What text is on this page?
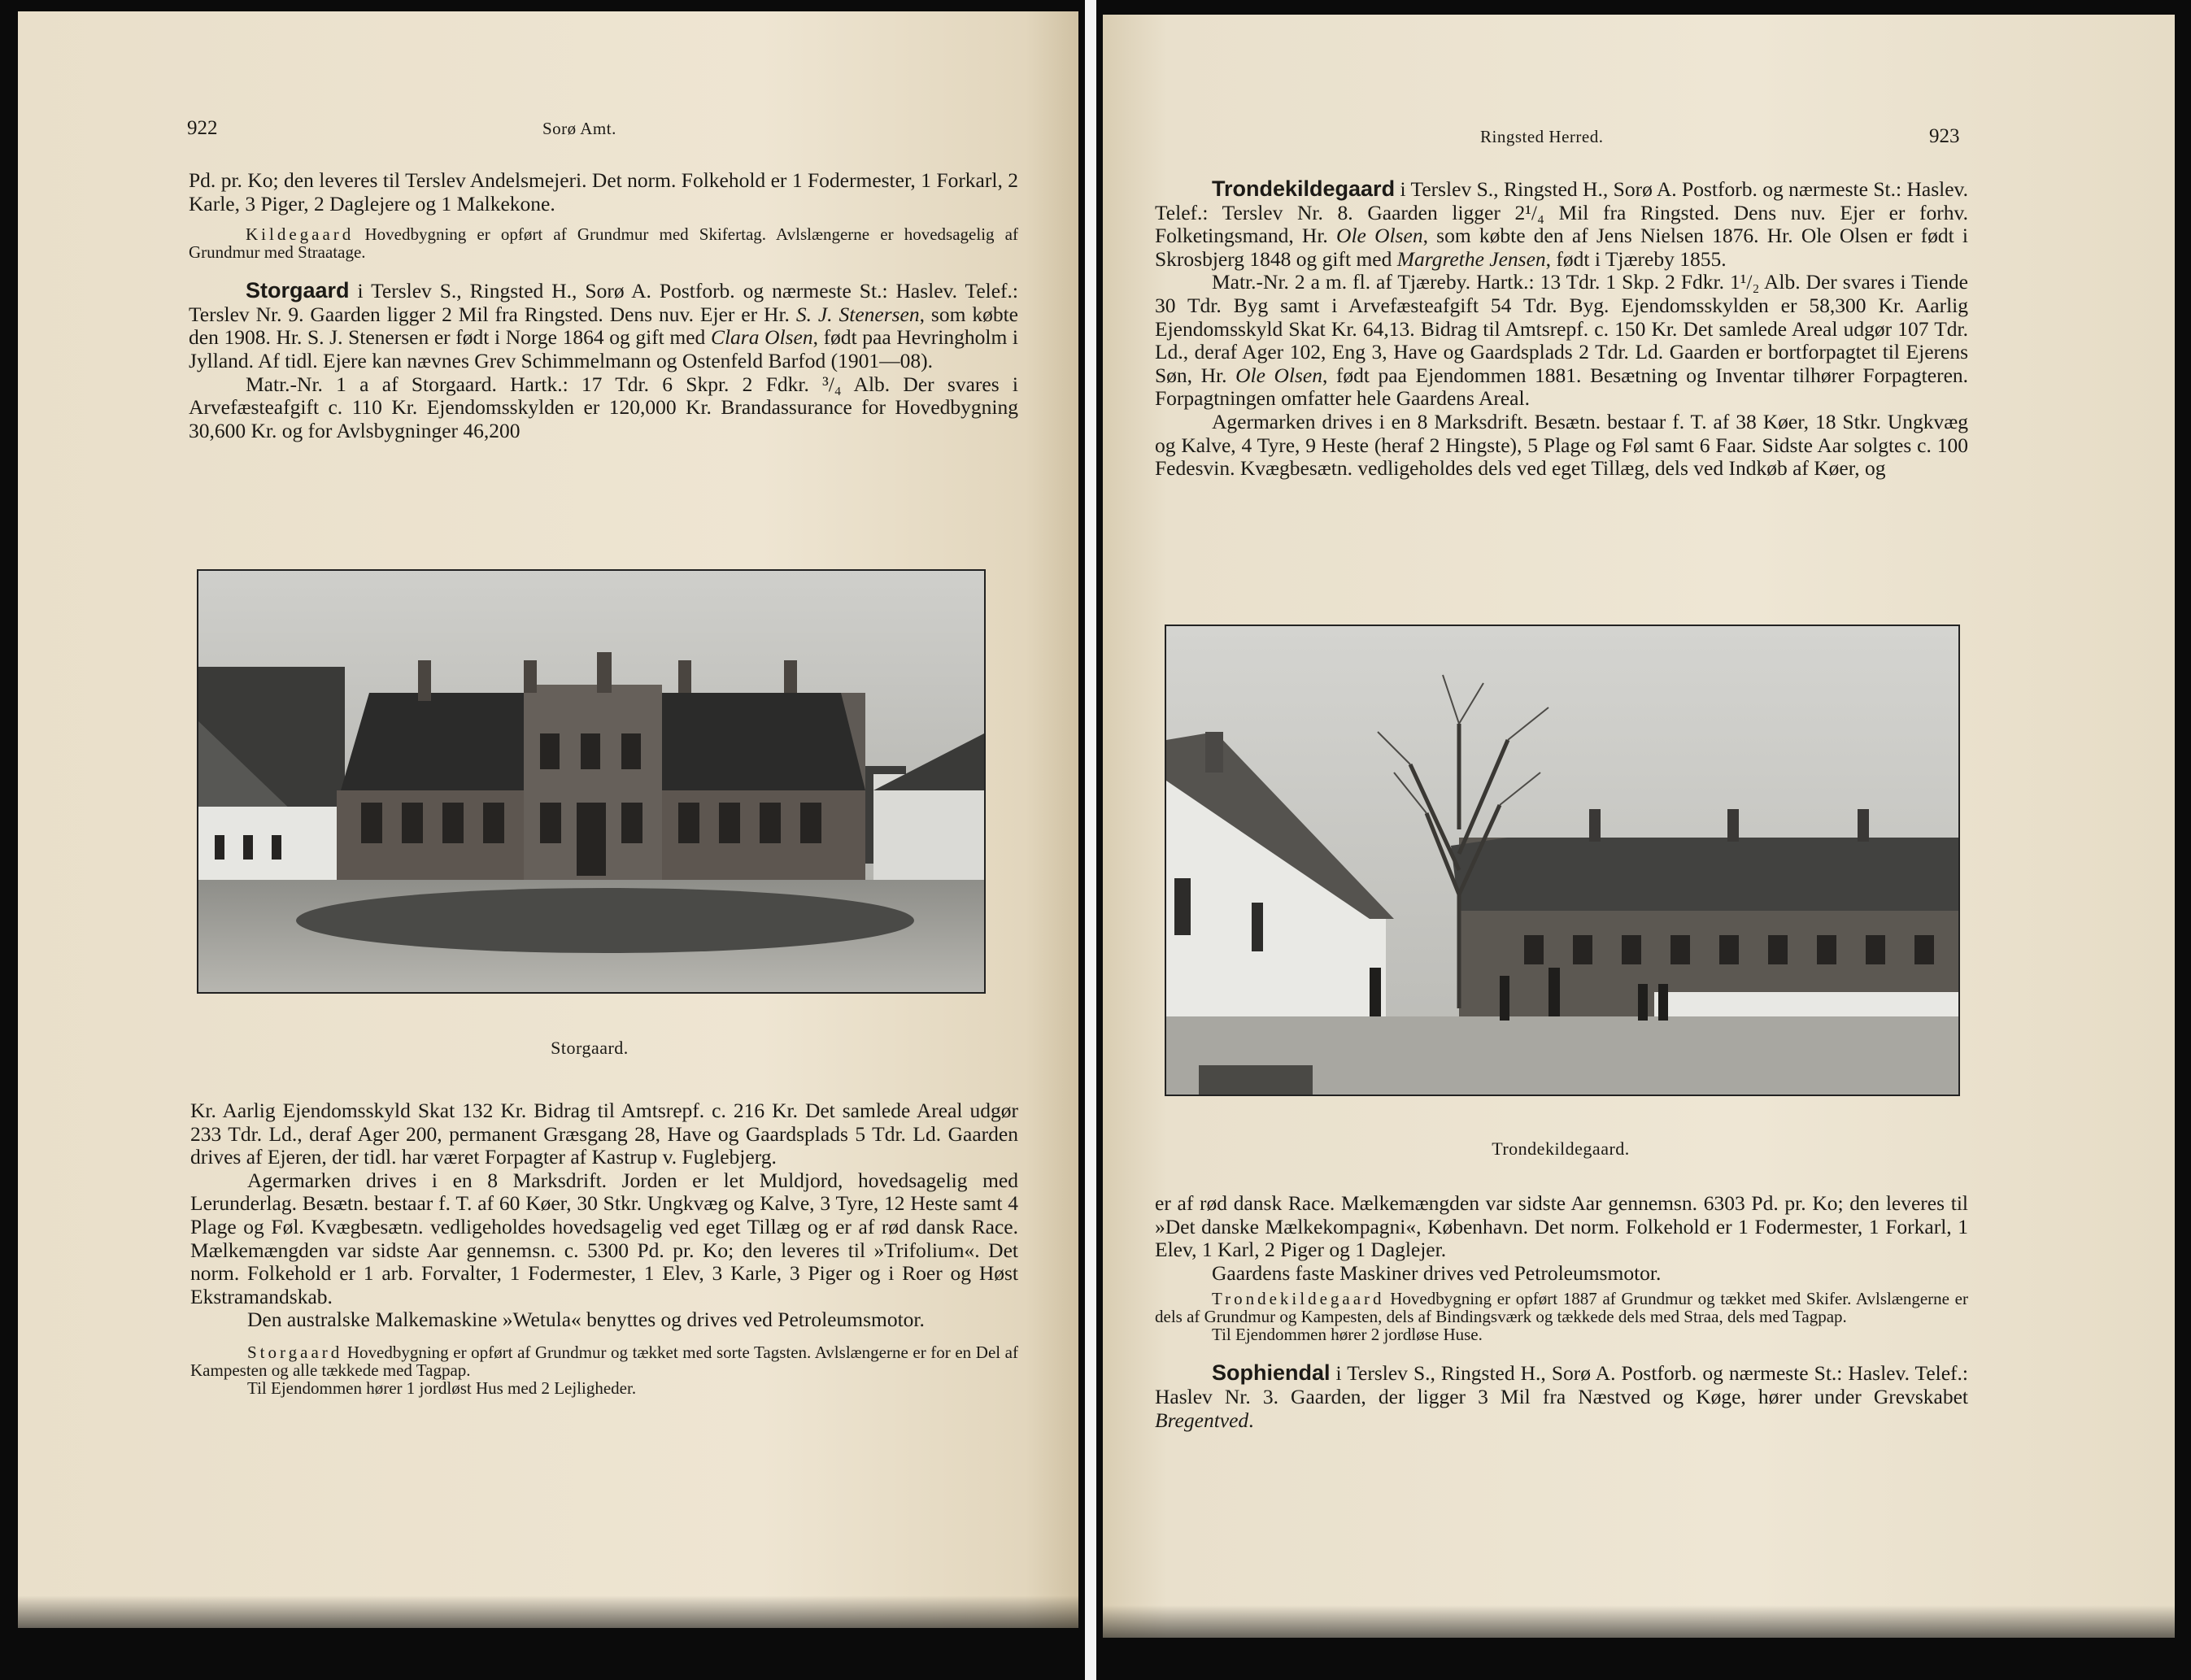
922	Sorø Amt.

Pd. pr. Ko; den leveres til Terslev Andelsmejeri. Det norm. Folkehold er 1 Fodermester, 1 Forkarl, 2 Karle, 3 Piger, 2 Daglejere og 1 Malkekone.

Kildegaard Hovedbygning er opført af Grundmur med Skifertag. Avlslængerne er hovedsagelig af Grundmur med Straatage.

Storgaard i Terslev S., Ringsted H., Sorø A. Postforb. og nærmeste St.: Haslev. Telef.: Terslev Nr. 9. Gaarden ligger 2 Mil fra Ringsted. Dens nuv. Ejer er Hr. S. J. Stenersen, som købte den 1908. Hr. S. J. Stenersen er født i Norge 1864 og gift med Clara Olsen, født paa Hevringholm i Jylland. Af tidl. Ejere kan nævnes Grev Schimmelmann og Ostenfeld Barfod (1901—08).

Matr.-Nr. 1 a af Storgaard. Hartk.: 17 Tdr. 6 Skpr. 2 Fdkr. ³/₄ Alb. Der svares i Arvefæsteafgift c. 110 Kr. Ejendomsskylden er 120,000 Kr. Brandassurance for Hovedbygning 30,600 Kr. og for Avlsbygninger 46,200

Storgaard.

Kr. Aarlig Ejendomsskyld Skat 132 Kr. Bidrag til Amtsrepf. c. 216 Kr. Det samlede Areal udgør 233 Tdr. Ld., deraf Ager 200, permanent Græsgang 28, Have og Gaardsplads 5 Tdr. Ld. Gaarden drives af Ejeren, der tidl. har været Forpagter af Kastrup v. Fuglebjerg.

Agermarken drives i en 8 Marksdrift. Jorden er let Muldjord, hovedsagelig med Lerunderlag. Besætn. bestaar f. T. af 60 Køer, 30 Stkr. Ungkvæg og Kalve, 3 Tyre, 12 Heste samt 4 Plage og Føl. Kvægbesætn. vedligeholdes hovedsagelig ved eget Tillæg og er af rød dansk Race. Mælkemængden var sidste Aar gennemsn. c. 5300 Pd. pr. Ko; den leveres til »Trifolium«. Det norm. Folkehold er 1 arb. Forvalter, 1 Fodermester, 1 Elev, 3 Karle, 3 Piger og i Roer og Høst Ekstramandskab.

Den australske Malkemaskine »Wetula« benyttes og drives ved Petroleumsmotor.

Storgaard Hovedbygning er opført af Grundmur og tækket med sorte Tagsten. Avlslængerne er for en Del af Kampesten og alle tækkede med Tagpap.

Til Ejendommen hører 1 jordløst Hus med 2 Lejligheder.

Ringsted Herred.	923

Trondekildegaard i Terslev S., Ringsted H., Sorø A. Postforb. og nærmeste St.: Haslev. Telef.: Terslev Nr. 8. Gaarden ligger 2¹/₄ Mil fra Ringsted. Dens nuv. Ejer er forhv. Folketingsmand, Hr. Ole Olsen, som købte den af Jens Nielsen 1876. Hr. Ole Olsen er født i Skrosbjerg 1848 og gift med Margrethe Jensen, født i Tjæreby 1855.

Matr.-Nr. 2 a m. fl. af Tjæreby. Hartk.: 13 Tdr. 1 Skp. 2 Fdkr. 1¹/₂ Alb. Der svares i Tiende 30 Tdr. Byg samt i Arvefæsteafgift 54 Tdr. Byg. Ejendomsskylden er 58,300 Kr. Aarlig Ejendomsskyld Skat Kr. 64,13. Bidrag til Amtsrepf. c. 150 Kr. Det samlede Areal udgør 107 Tdr. Ld., deraf Ager 102, Eng 3, Have og Gaardsplads 2 Tdr. Ld. Gaarden er bortforpagtet til Ejerens Søn, Hr. Ole Olsen, født paa Ejendommen 1881. Besætning og Inventar tilhører Forpagteren. Forpagtningen omfatter hele Gaardens Areal.

Agermarken drives i en 8 Marksdrift. Besætn. bestaar f. T. af 38 Køer, 18 Stkr. Ungkvæg og Kalve, 4 Tyre, 9 Heste (heraf 2 Hingste), 5 Plage og Føl samt 6 Faar. Sidste Aar solgtes c. 100 Fedesvin. Kvægbesætn. vedligeholdes dels ved eget Tillæg, dels ved Indkøb af Køer, og

Trondekildegaard.

er af rød dansk Race. Mælkemængden var sidste Aar gennemsn. 6303 Pd. pr. Ko; den leveres til »Det danske Mælkekompagni«, København. Det norm. Folkehold er 1 Fodermester, 1 Forkarl, 1 Elev, 1 Karl, 2 Piger og 1 Daglejer.

Gaardens faste Maskiner drives ved Petroleumsmotor.

Trondekildegaard Hovedbygning er opført 1887 af Grundmur og tækket med Skifer. Avlslængerne er dels af Grundmur og Kampesten, dels af Bindingsværk og tækkede dels med Straa, dels med Tagpap.

Til Ejendommen hører 2 jordløse Huse.

Sophiendal i Terslev S., Ringsted H., Sorø A. Postforb. og nærmeste St.: Haslev. Telef.: Haslev Nr. 3. Gaarden, der ligger 3 Mil fra Næstved og Køge, hører under Grevskabet Bregentved.
